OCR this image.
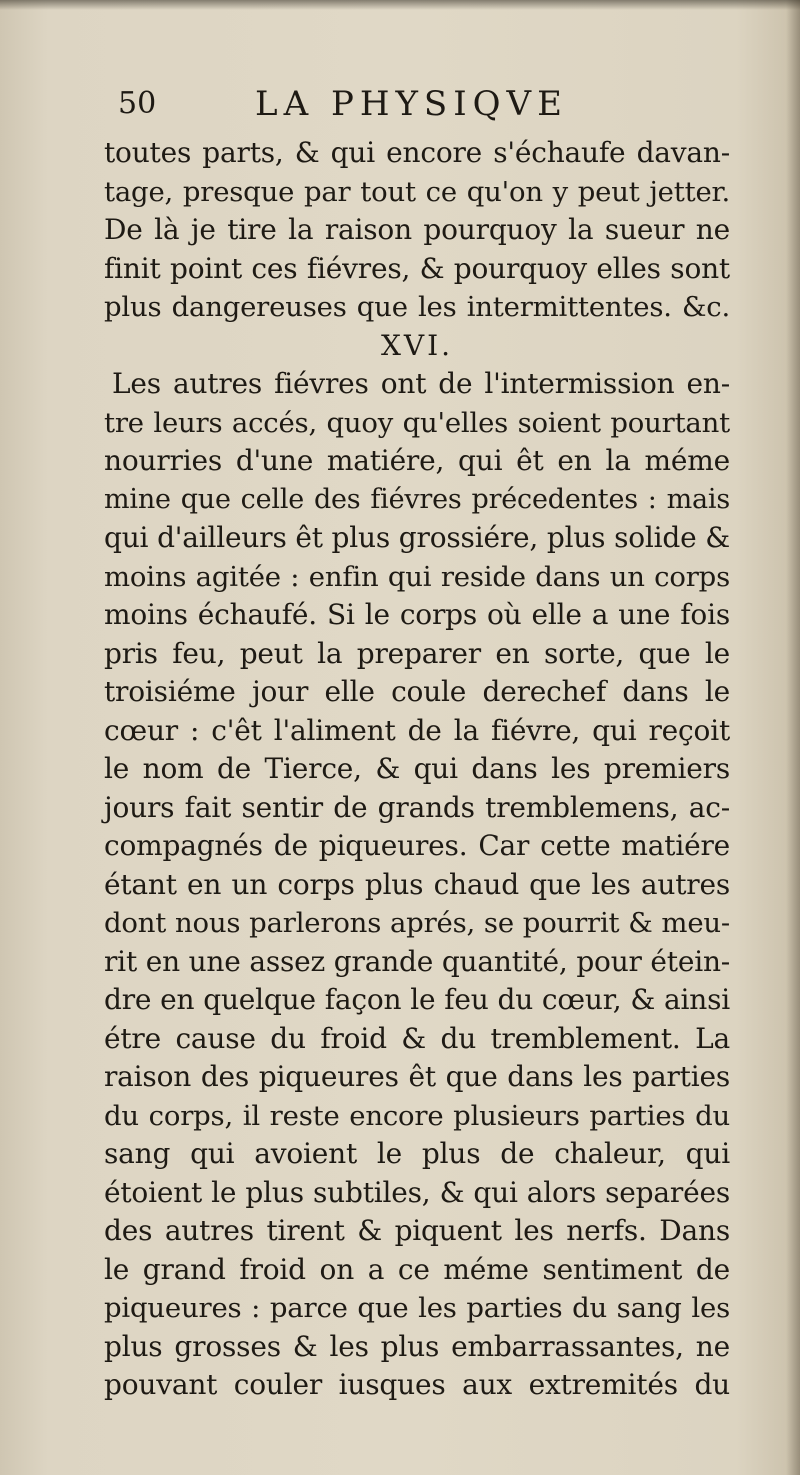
50	LA PHYSIQVE
toutes parts, & qui encore s'échaufe davan-
tage, presque par tout ce qu'on y peut jetter.
De là je tire la raison pourquoy la sueur ne
finit point ces fiévres, & pourquoy elles sont
plus dangereuses que les intermittentes. &c.
XVI.
Les autres fiévres ont de l'intermission en-
tre leurs accés, quoy qu'elles soient pourtant
nourries d'une matiére, qui êt en la méme
mine que celle des fiévres précedentes : mais
qui d'ailleurs êt plus grossiére, plus solide &
moins agitée : enfin qui reside dans un corps
moins échaufé. Si le corps où elle a une fois
pris feu, peut la preparer en sorte, que le
troisiéme jour elle coule derechef dans le
cœur : c'êt l'aliment de la fiévre, qui reçoit
le nom de Tierce, & qui dans les premiers
jours fait sentir de grands tremblemens, ac-
compagnés de piqueures. Car cette matiére
étant en un corps plus chaud que les autres
dont nous parlerons aprés, se pourrit & meu-
rit en une assez grande quantité, pour étein-
dre en quelque façon le feu du cœur, & ainsi
étre cause du froid & du tremblement. La
raison des piqueures êt que dans les parties
du corps, il reste encore plusieurs parties du
sang qui avoient le plus de chaleur, qui
étoient le plus subtiles, & qui alors separées
des autres tirent & piquent les nerfs. Dans
le grand froid on a ce méme sentiment de
piqueures : parce que les parties du sang les
plus grosses & les plus embarrassantes, ne
pouvant couler iusques aux extremités du
